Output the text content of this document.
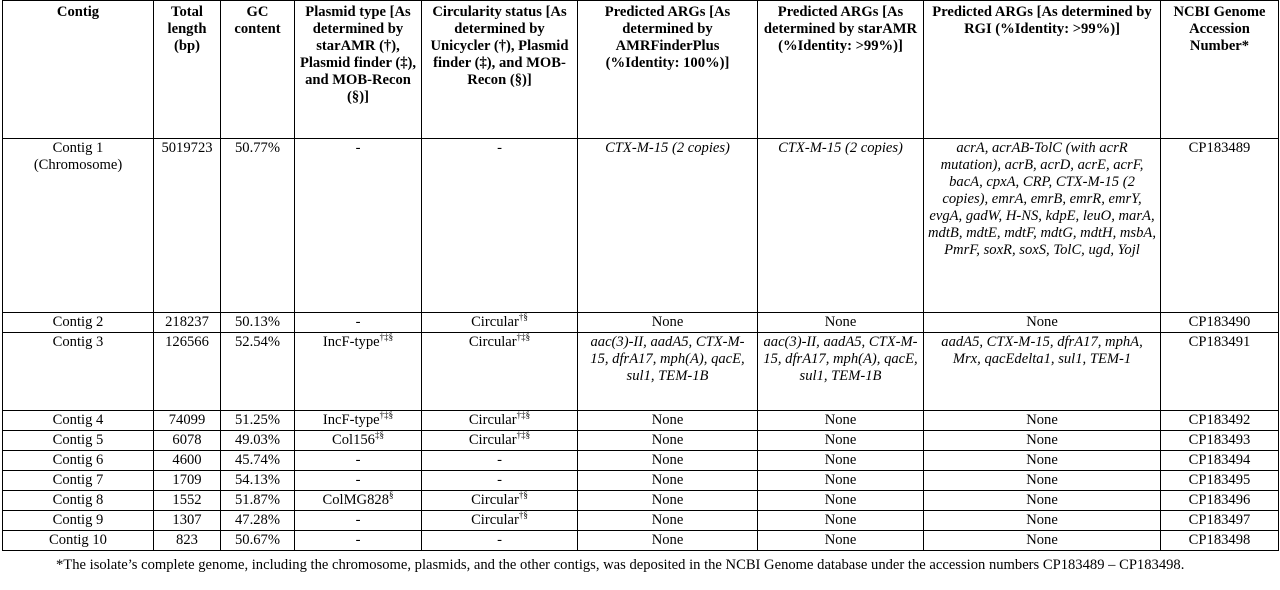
Contig	Total length (bp)	GC content	Plasmid type [As determined by starAMR (†), Plasmid finder (‡), and MOB-Recon (§)]	Circularity status [As determined by Unicycler (†), Plasmid finder (‡), and MOB-Recon (§)]	Predicted ARGs [As determined by AMRFinderPlus (%Identity: 100%)]	Predicted ARGs [As determined by starAMR (%Identity: >99%)]	Predicted ARGs [As determined by RGI (%Identity: >99%)]	NCBI Genome Accession Number*
Contig 1 (Chromosome)	5019723	50.77%	-	-	CTX-M-15 (2 copies)	CTX-M-15 (2 copies)	acrA, acrAB-TolC (with acrR mutation), acrB, acrD, acrE, acrF, bacA, cpxA, CRP, CTX-M-15 (2 copies), emrA, emrB, emrR, emrY, evgA, gadW, H-NS, kdpE, leuO, marA, mdtB, mdtE, mdtF, mdtG, mdtH, msbA, PmrF, soxR, soxS, TolC, ugd, Yojl	CP183489
Contig 2	218237	50.13%	-	Circular†§	None	None	None	CP183490
Contig 3	126566	52.54%	IncF-type†‡§	Circular†‡§	aac(3)-II, aadA5, CTX-M-15, dfrA17, mph(A), qacE, sul1, TEM-1B	aac(3)-II, aadA5, CTX-M-15, dfrA17, mph(A), qacE, sul1, TEM-1B	aadA5, CTX-M-15, dfrA17, mphA, Mrx, qacEdelta1, sul1, TEM-1	CP183491
Contig 4	74099	51.25%	IncF-type†‡§	Circular†‡§	None	None	None	CP183492
Contig 5	6078	49.03%	Col156‡§	Circular†‡§	None	None	None	CP183493
Contig 6	4600	45.74%	-	-	None	None	None	CP183494
Contig 7	1709	54.13%	-	-	None	None	None	CP183495
Contig 8	1552	51.87%	ColMG828§	Circular†§	None	None	None	CP183496
Contig 9	1307	47.28%	-	Circular†§	None	None	None	CP183497
Contig 10	823	50.67%	-	-	None	None	None	CP183498
*The isolate’s complete genome, including the chromosome, plasmids, and the other contigs, was deposited in the NCBI Genome database under the accession numbers CP183489 – CP183498.
